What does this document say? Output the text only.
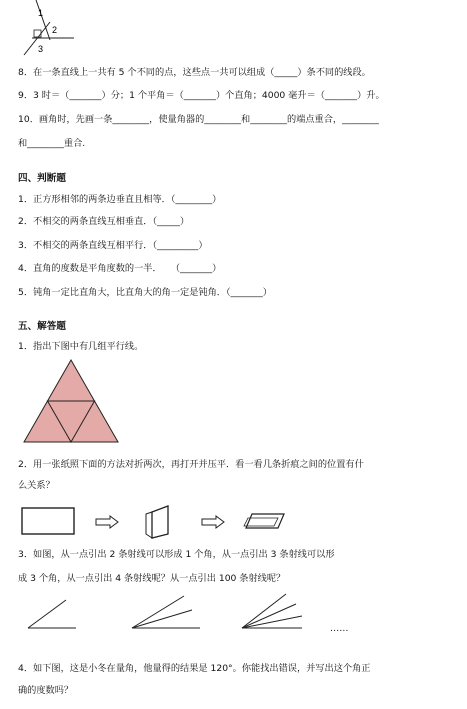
1
2
3
8．在一条直线上一共有 5 个不同的点，这些点一共可以组成（_____）条不同的线段。
9．3 时＝（_______）分；1 个平角＝（_______）个直角；4000 毫升＝（_______）升。
10．画角时，先画一条________，使量角器的________和________的端点重合，________
和________重合.
四、判断题
1．正方形相邻的两条边垂直且相等．（________）
2．不相交的两条直线互相垂直．（_____）
3．不相交的两条直线互相平行．（_________）
4．直角的度数是平角度数的一半．　　（_______）
5．钝角一定比直角大，比直角大的角一定是钝角．（_______）
五、解答题
1．指出下图中有几组平行线。
2．用一张纸照下面的方法对折两次，再打开并压平．看一看几条折痕之间的位置有什
么关系？
3．如图，从一点引出 2 条射线可以形成 1 个角，从一点引出 3 条射线可以形
成 3 个角，从一点引出 4 条射线呢？从一点引出 100 条射线呢？
……
4．如下图，这是小冬在量角，他量得的结果是 120°。你能找出错误，并写出这个角正
确的度数吗？
